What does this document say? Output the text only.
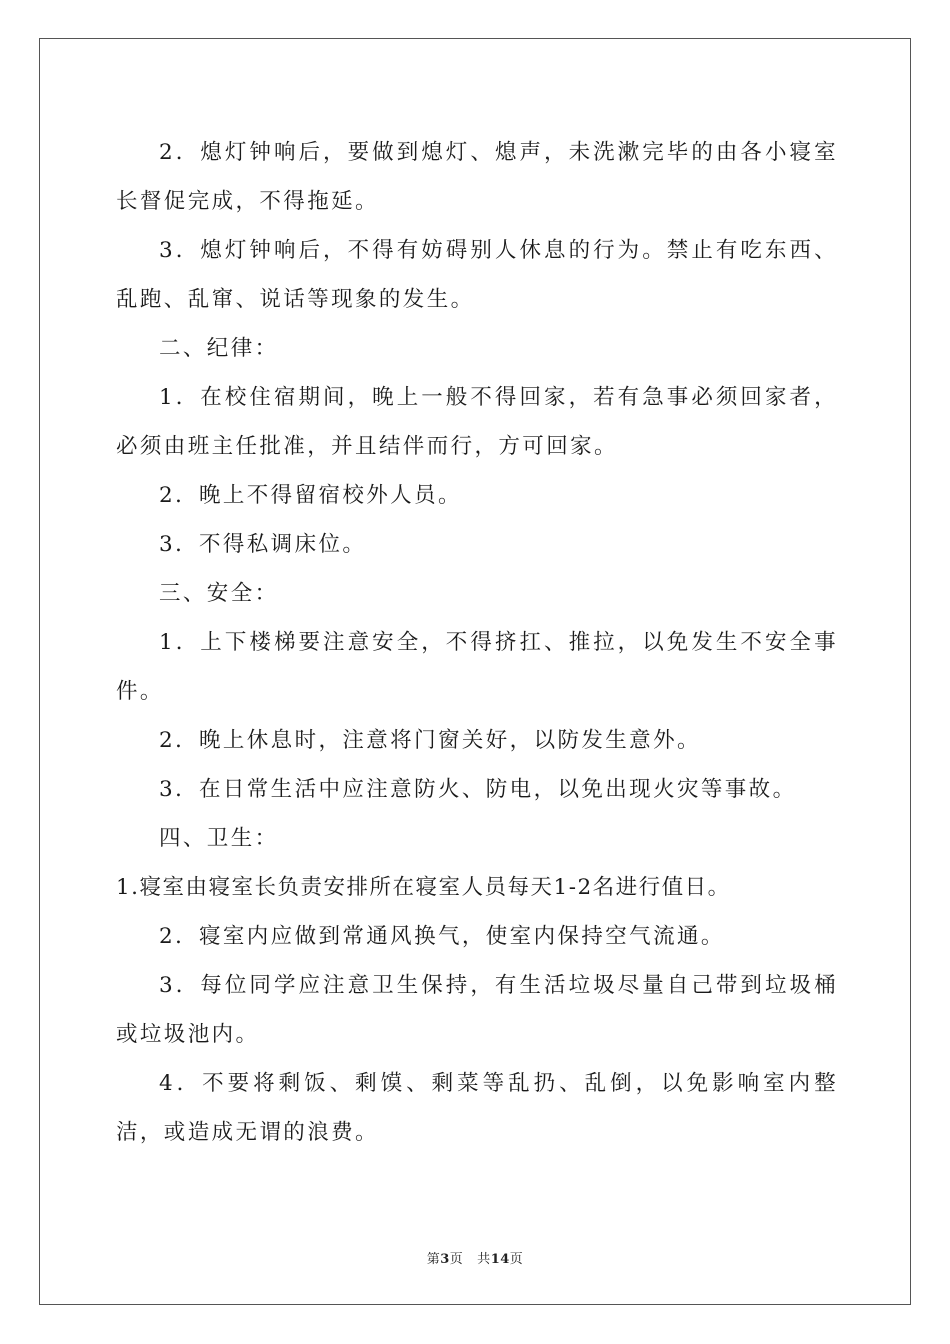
2．熄灯钟响后，要做到熄灯、熄声，未洗漱完毕的由各小寝室长督促完成，不得拖延。

3．熄灯钟响后，不得有妨碍别人休息的行为。禁止有吃东西、乱跑、乱窜、说话等现象的发生。

二、纪律：

1．在校住宿期间，晚上一般不得回家，若有急事必须回家者，必须由班主任批准，并且结伴而行，方可回家。

2．晚上不得留宿校外人员。

3．不得私调床位。

三、安全：

1．上下楼梯要注意安全，不得挤扛、推拉，以免发生不安全事件。

2．晚上休息时，注意将门窗关好，以防发生意外。

3．在日常生活中应注意防火、防电，以免出现火灾等事故。

四、卫生：

1.寝室由寝室长负责安排所在寝室人员每天1-2名进行值日。

2．寝室内应做到常通风换气，使室内保持空气流通。

3．每位同学应注意卫生保持，有生活垃圾尽量自己带到垃圾桶或垃圾池内。

4．不要将剩饭、剩馍、剩菜等乱扔、乱倒，以免影响室内整洁，或造成无谓的浪费。

第3页 共14页
